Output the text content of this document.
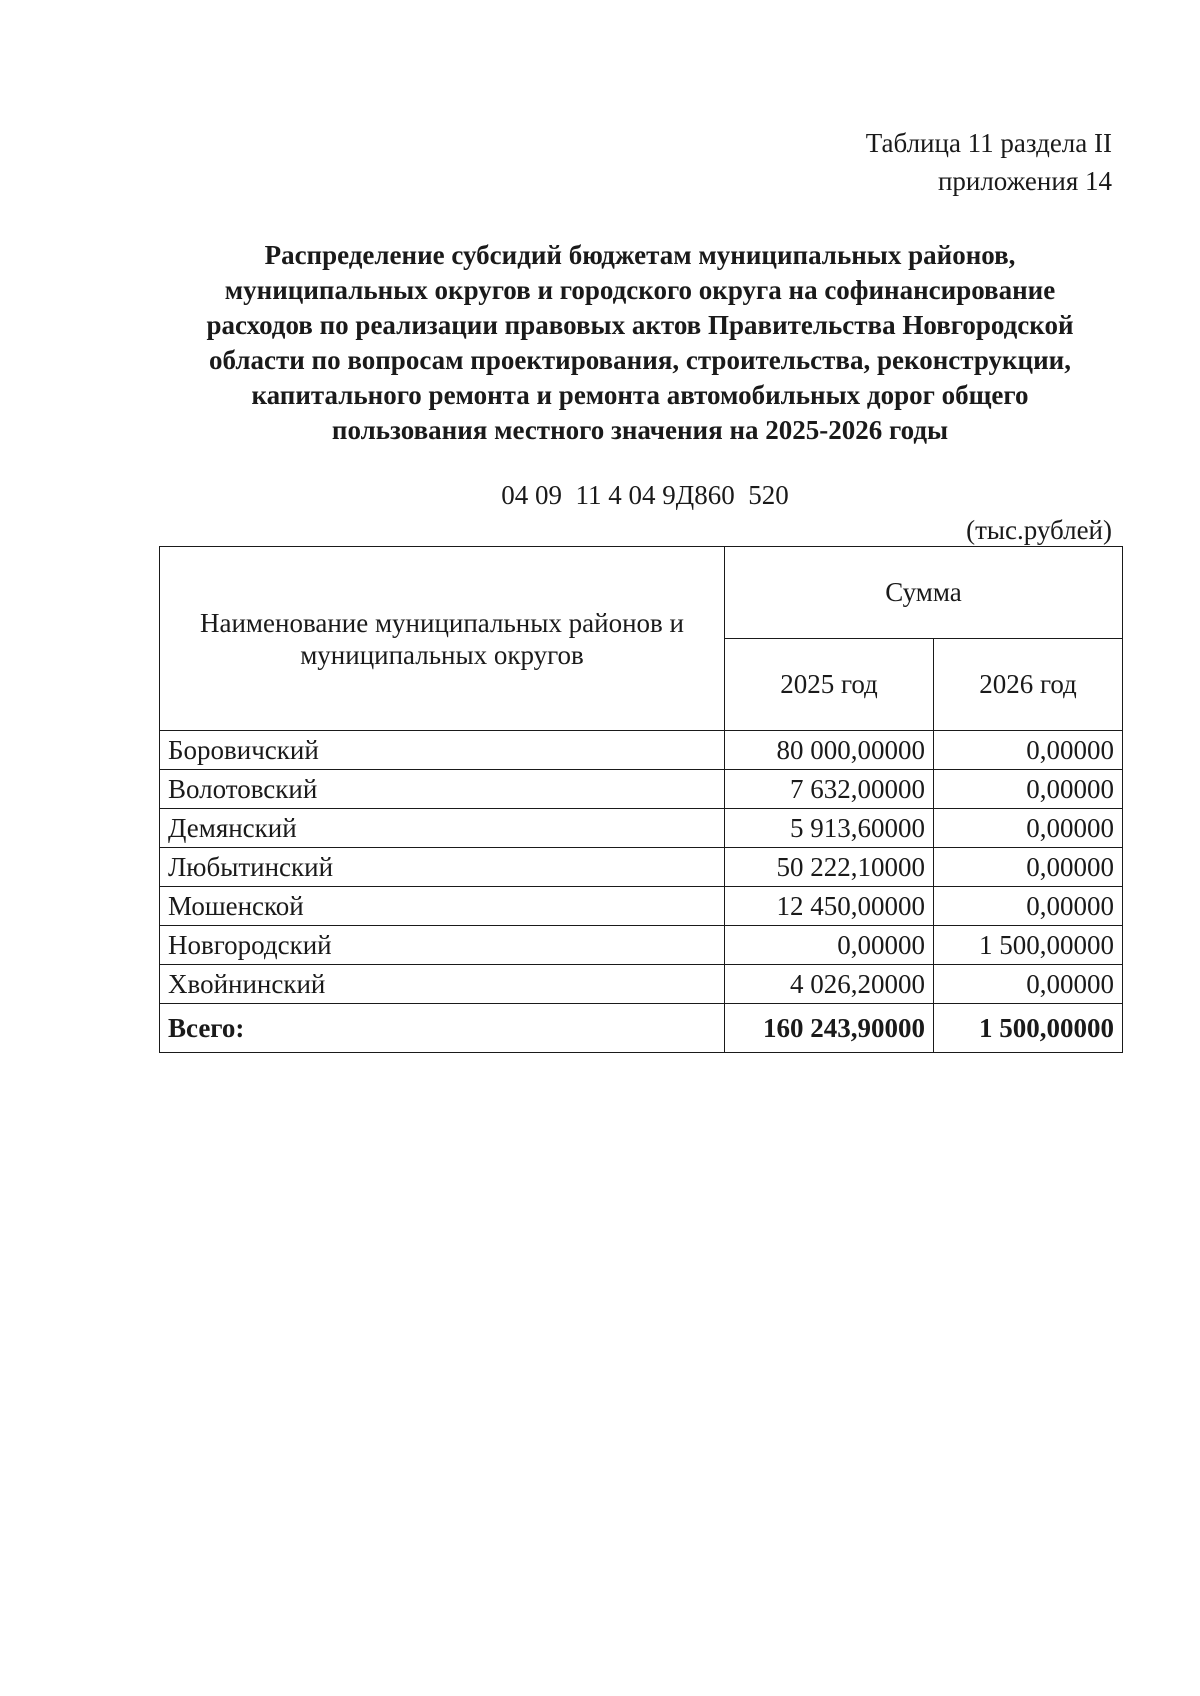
Таблица 11 раздела II
приложения 14
Распределение субсидий бюджетам муниципальных районов,
муниципальных округов и городского округа на софинансирование
расходов по реализации правовых актов Правительства Новгородской
области по вопросам проектирования, строительства, реконструкции,
капитального ремонта и ремонта автомобильных дорог общего
пользования местного значения на 2025-2026 годы
04 09  11 4 04 9Д860  520
(тыс.рублей)
Наименование муниципальных районов и муниципальных округов	Сумма	
	2025 год	2026 год
Боровичский	80 000,00000	0,00000
Волотовский	7 632,00000	0,00000
Демянский	5 913,60000	0,00000
Любытинский	50 222,10000	0,00000
Мошенской	12 450,00000	0,00000
Новгородский	0,00000	1 500,00000
Хвойнинский	4 026,20000	0,00000
Всего:	160 243,90000	1 500,00000
